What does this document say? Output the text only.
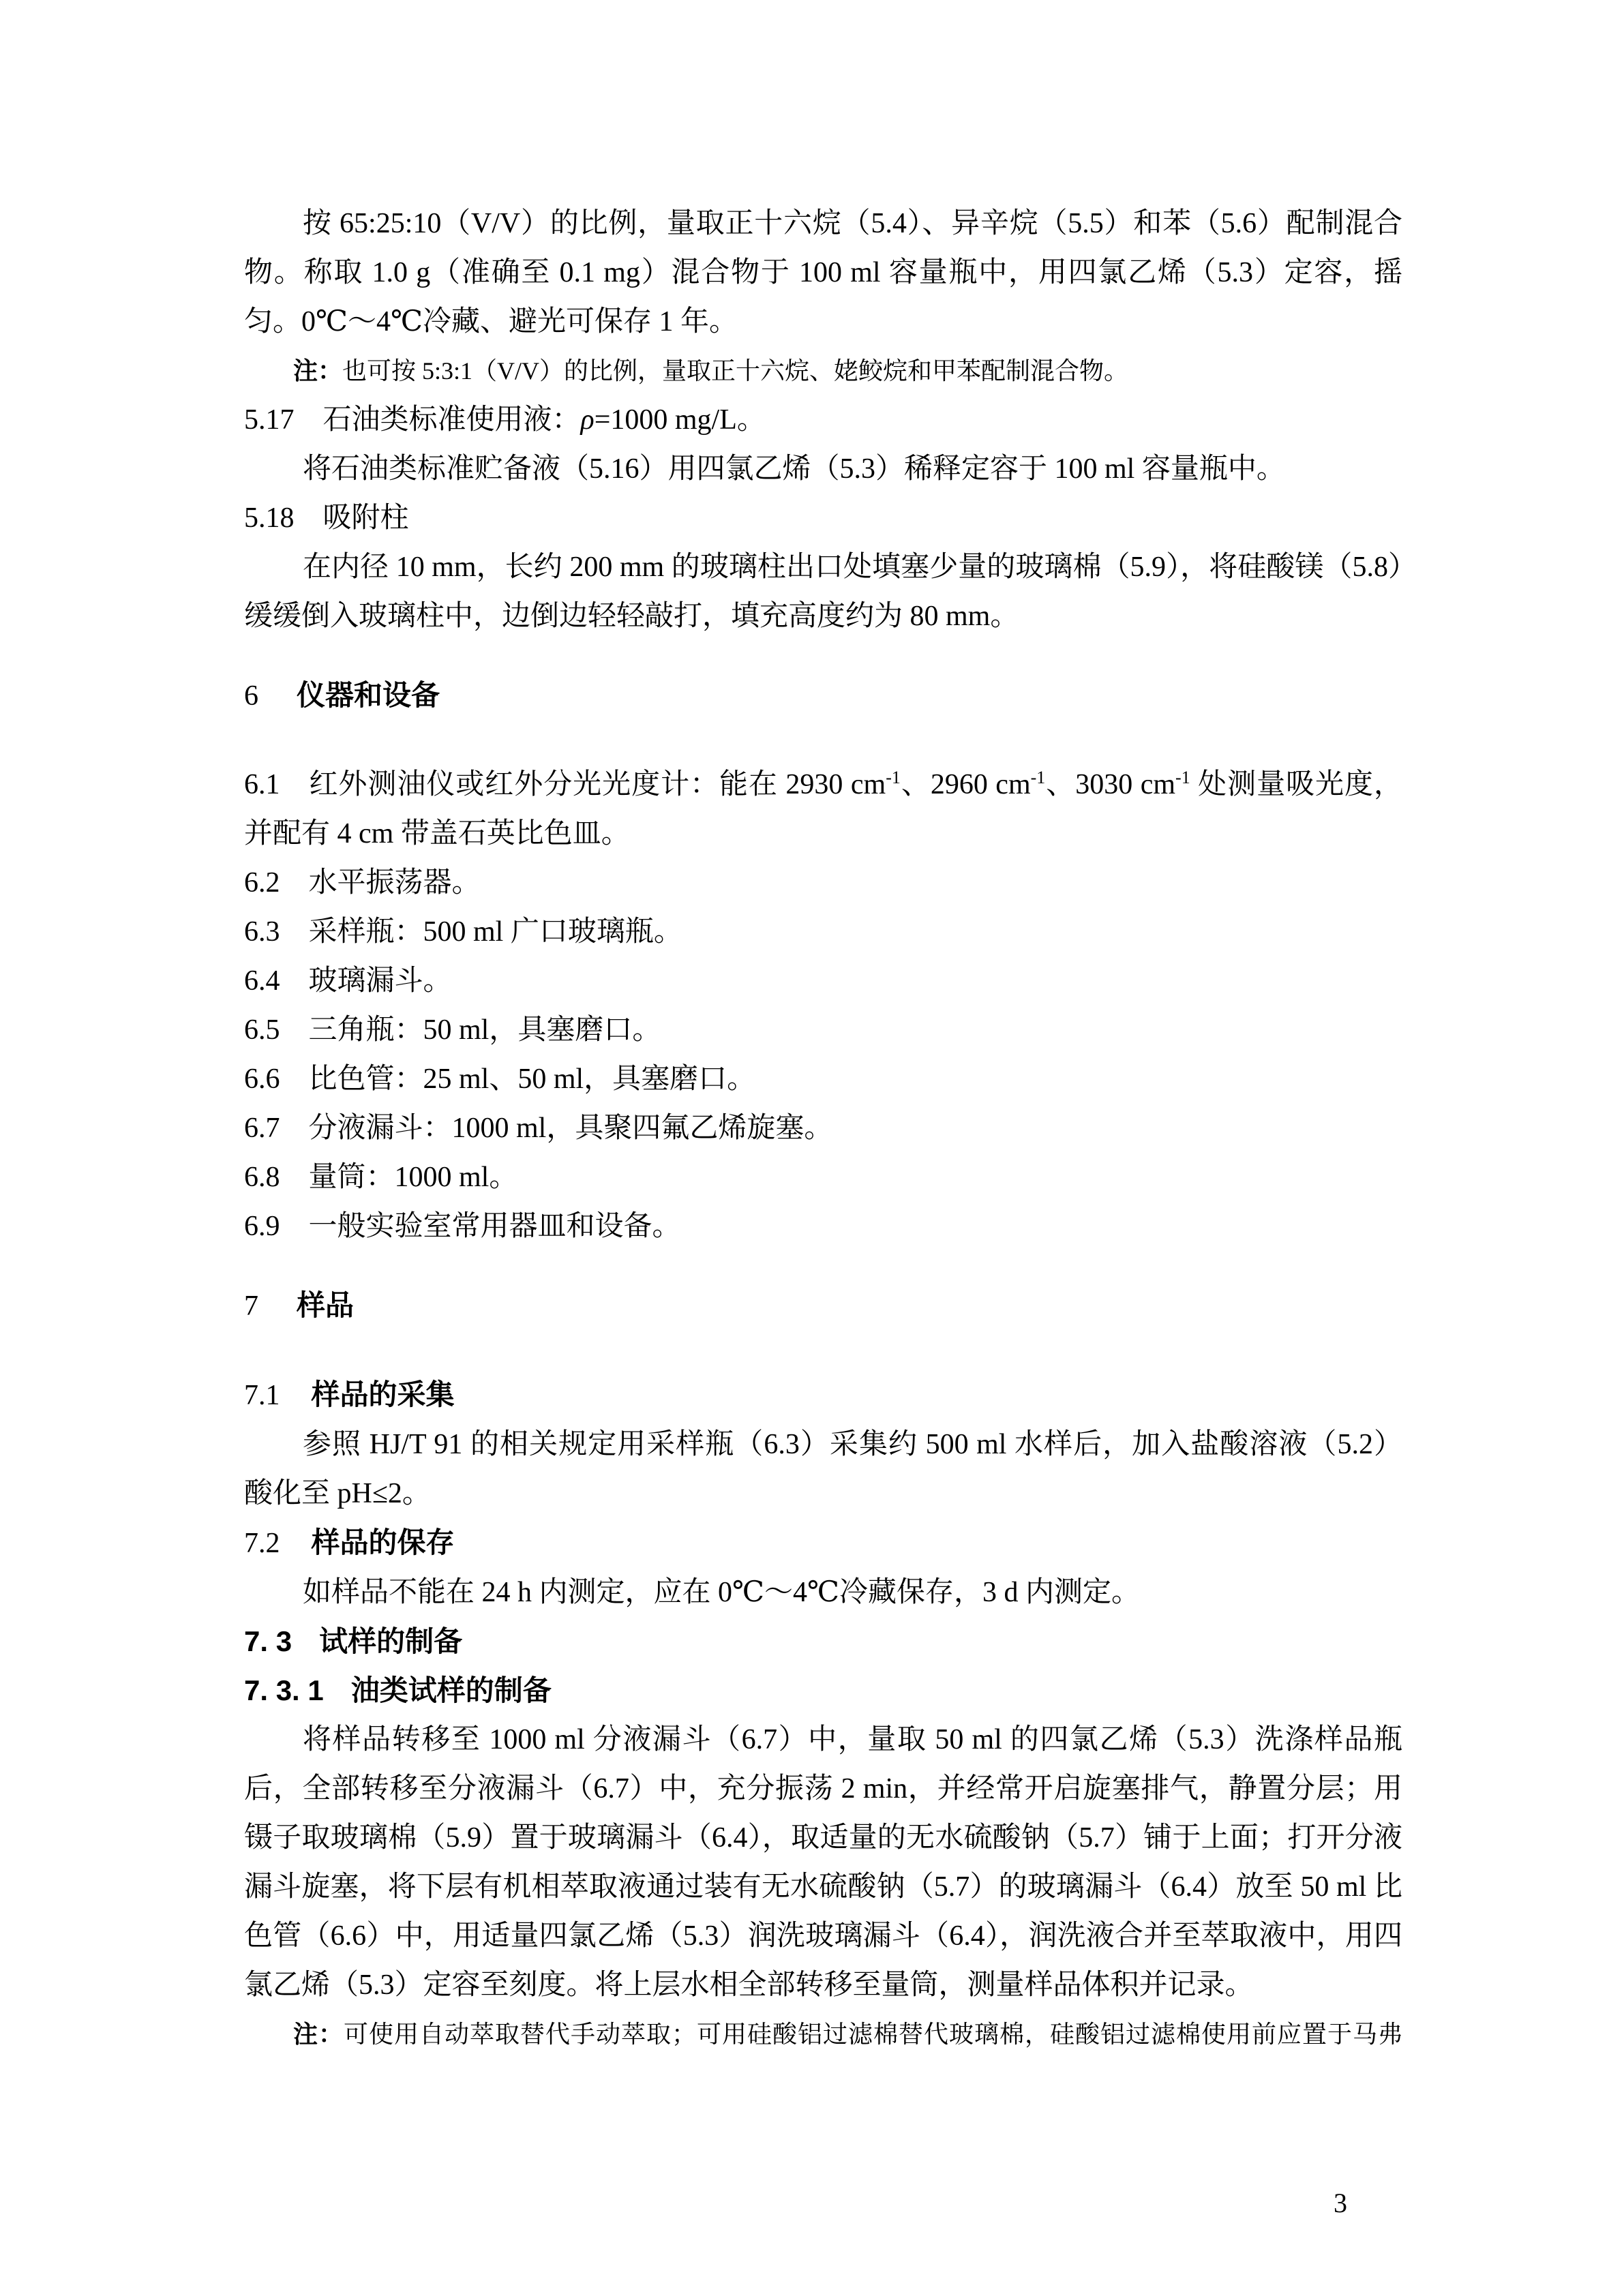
按 65:25:10（V/V）的比例，量取正十六烷（5.4）、异辛烷（5.5）和苯（5.6）配制混合物。称取 1.0 g（准确至 0.1 mg）混合物于 100 ml 容量瓶中，用四氯乙烯（5.3）定容，摇匀。0℃～4℃冷藏、避光可保存 1 年。

注：也可按 5:3:1（V/V）的比例，量取正十六烷、姥鲛烷和甲苯配制混合物。

5.17 石油类标准使用液：ρ=1000 mg/L。

将石油类标准贮备液（5.16）用四氯乙烯（5.3）稀释定容于 100 ml 容量瓶中。

5.18 吸附柱

在内径 10 mm，长约 200 mm 的玻璃柱出口处填塞少量的玻璃棉（5.9），将硅酸镁（5.8）缓缓倒入玻璃柱中，边倒边轻轻敲打，填充高度约为 80 mm。

6 仪器和设备

6.1 红外测油仪或红外分光光度计：能在 2930 $cm^{-1}$、2960 $cm^{-1}$、3030 $cm^{-1}$ 处测量吸光度，并配有 4 cm 带盖石英比色皿。

6.2 水平振荡器。

6.3 采样瓶：500 ml 广口玻璃瓶。

6.4 玻璃漏斗。

6.5 三角瓶：50 ml，具塞磨口。

6.6 比色管：25 ml、50 ml，具塞磨口。

6.7 分液漏斗：1000 ml，具聚四氟乙烯旋塞。

6.8 量筒：1000 ml。

6.9 一般实验室常用器皿和设备。

7 样品
7.1 样品的采集

参照 HJ/T 91 的相关规定用采样瓶（6.3）采集约 500 ml 水样后，加入盐酸溶液（5.2）酸化至 pH≤2。

7.2 样品的保存

如样品不能在 24 h 内测定，应在 0℃～4℃冷藏保存，3 d 内测定。

7. 3 试样的制备
7. 3. 1 油类试样的制备

将样品转移至 1000 ml 分液漏斗（6.7）中，量取 50 ml 的四氯乙烯（5.3）洗涤样品瓶后，全部转移至分液漏斗（6.7）中，充分振荡 2 min，并经常开启旋塞排气，静置分层；用镊子取玻璃棉（5.9）置于玻璃漏斗（6.4），取适量的无水硫酸钠（5.7）铺于上面；打开分液漏斗旋塞，将下层有机相萃取液通过装有无水硫酸钠（5.7）的玻璃漏斗（6.4）放至 50 ml 比色管（6.6）中，用适量四氯乙烯（5.3）润洗玻璃漏斗（6.4），润洗液合并至萃取液中，用四氯乙烯（5.3）定容至刻度。将上层水相全部转移至量筒，测量样品体积并记录。

注：可使用自动萃取替代手动萃取；可用硅酸铝过滤棉替代玻璃棉，硅酸铝过滤棉使用前应置于马弗

3
